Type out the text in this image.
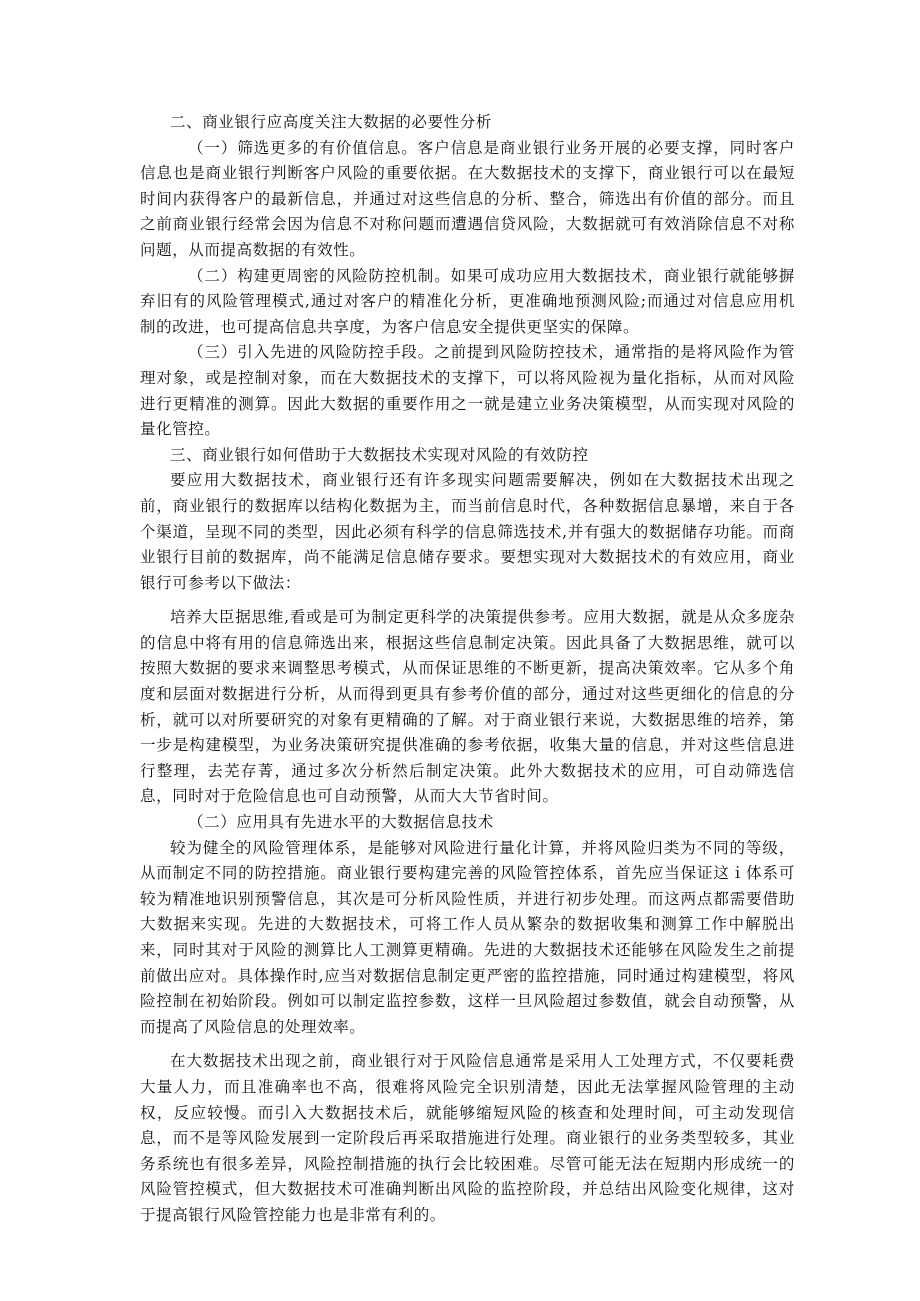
二、商业银行应高度关注大数据的必要性分析

（一）筛选更多的有价值信息。客户信息是商业银行业务开展的必要支撑，同时客户信息也是商业银行判断客户风险的重要依据。在大数据技术的支撑下，商业银行可以在最短时间内获得客户的最新信息，并通过对这些信息的分析、整合，筛选出有价值的部分。而且之前商业银行经常会因为信息不对称问题而遭遇信贷风险，大数据就可有效消除信息不对称问题，从而提高数据的有效性。

（二）构建更周密的风险防控机制。如果可成功应用大数据技术，商业银行就能够摒弃旧有的风险管理模式,通过对客户的精准化分析，更准确地预测风险;而通过对信息应用机制的改进，也可提高信息共享度，为客户信息安全提供更坚实的保障。

（三）引入先进的风险防控手段。之前提到风险防控技术，通常指的是将风险作为管理对象，或是控制对象，而在大数据技术的支撑下，可以将风险视为量化指标，从而对风险进行更精准的测算。因此大数据的重要作用之一就是建立业务决策模型，从而实现对风险的量化管控。

三、商业银行如何借助于大数据技术实现对风险的有效防控

要应用大数据技术，商业银行还有许多现实问题需要解决，例如在大数据技术出现之前，商业银行的数据库以结构化数据为主，而当前信息时代，各种数据信息暴增，来自于各个渠道，呈现不同的类型，因此必须有科学的信息筛选技术,并有强大的数据储存功能。而商业银行目前的数据库，尚不能满足信息储存要求。要想实现对大数据技术的有效应用，商业银行可参考以下做法：

培养大臣据思维,看或是可为制定更科学的决策提供参考。应用大数据，就是从众多庞杂的信息中将有用的信息筛选出来，根据这些信息制定决策。因此具备了大数据思维，就可以按照大数据的要求来调整思考模式，从而保证思维的不断更新，提高决策效率。它从多个角度和层面对数据进行分析，从而得到更具有参考价值的部分，通过对这些更细化的信息的分析，就可以对所要研究的对象有更精确的了解。对于商业银行来说，大数据思维的培养，第一步是构建模型，为业务决策研究提供准确的参考依据，收集大量的信息，并对这些信息进行整理，去芜存菁，通过多次分析然后制定决策。此外大数据技术的应用，可自动筛选信息，同时对于危险信息也可自动预警，从而大大节省时间。

（二）应用具有先进水平的大数据信息技术

较为健全的风险管理体系，是能够对风险进行量化计算，并将风险归类为不同的等级，从而制定不同的防控措施。商业银行要构建完善的风险管控体系，首先应当保证这ｉ体系可较为精准地识别预警信息，其次是可分析风险性质，并进行初步处理。而这两点都需要借助大数据来实现。先进的大数据技术，可将工作人员从繁杂的数据收集和测算工作中解脱出来，同时其对于风险的测算比人工测算更精确。先进的大数据技术还能够在风险发生之前提前做出应对。具体操作时,应当对数据信息制定更严密的监控措施，同时通过构建模型，将风险控制在初始阶段。例如可以制定监控参数，这样一旦风险超过参数值，就会自动预警，从而提高了风险信息的处理效率。

在大数据技术出现之前，商业银行对于风险信息通常是采用人工处理方式，不仅要耗费大量人力，而且准确率也不高，很难将风险完全识别清楚，因此无法掌握风险管理的主动权，反应较慢。而引入大数据技术后，就能够缩短风险的核查和处理时间，可主动发现信息，而不是等风险发展到一定阶段后再采取措施进行处理。商业银行的业务类型较多，其业务系统也有很多差异，风险控制措施的执行会比较困难。尽管可能无法在短期内形成统一的风险管控模式，但大数据技术可准确判断出风险的监控阶段，并总结出风险变化规律，这对于提高银行风险管控能力也是非常有利的。
